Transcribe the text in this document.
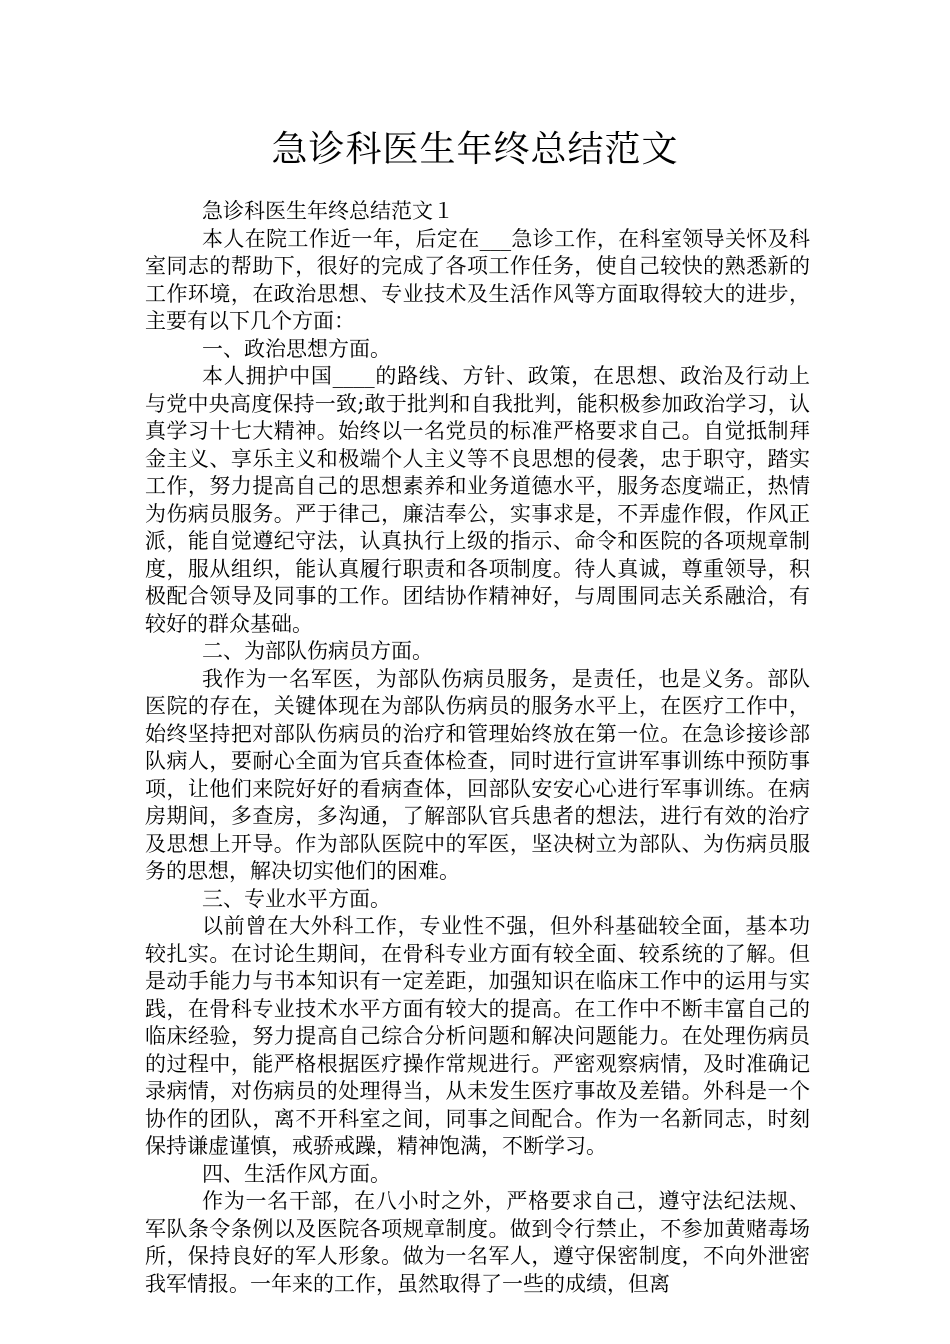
急诊科医生年终总结范文

急诊科医生年终总结范文１

本人在院工作近一年，后定在___急诊工作，在科室领导关怀及科室同志的帮助下，很好的完成了各项工作任务，使自己较快的熟悉新的工作环境，在政治思想、专业技术及生活作风等方面取得较大的进步，主要有以下几个方面：

一、政治思想方面。

本人拥护中国____的路线、方针、政策，在思想、政治及行动上与党中央高度保持一致;敢于批判和自我批判，能积极参加政治学习，认真学习十七大精神。始终以一名党员的标准严格要求自己。自觉抵制拜金主义、享乐主义和极端个人主义等不良思想的侵袭，忠于职守，踏实工作，努力提高自己的思想素养和业务道德水平，服务态度端正，热情为伤病员服务。严于律己，廉洁奉公，实事求是，不弄虚作假，作风正派，能自觉遵纪守法，认真执行上级的指示、命令和医院的各项规章制度，服从组织，能认真履行职责和各项制度。待人真诚，尊重领导，积极配合领导及同事的工作。团结协作精神好，与周围同志关系融洽，有较好的群众基础。

二、为部队伤病员方面。

我作为一名军医，为部队伤病员服务，是责任，也是义务。部队医院的存在，关键体现在为部队伤病员的服务水平上，在医疗工作中，始终坚持把对部队伤病员的治疗和管理始终放在第一位。在急诊接诊部队病人，要耐心全面为官兵查体检查，同时进行宣讲军事训练中预防事项，让他们来院好好的看病查体，回部队安安心心进行军事训练。在病房期间，多查房，多沟通，了解部队官兵患者的想法，进行有效的治疗及思想上开导。作为部队医院中的军医，坚决树立为部队、为伤病员服务的思想，解决切实他们的困难。

三、专业水平方面。

以前曾在大外科工作，专业性不强，但外科基础较全面，基本功较扎实。在讨论生期间，在骨科专业方面有较全面、较系统的了解。但是动手能力与书本知识有一定差距，加强知识在临床工作中的运用与实践，在骨科专业技术水平方面有较大的提高。在工作中不断丰富自己的临床经验，努力提高自己综合分析问题和解决问题能力。在处理伤病员的过程中，能严格根据医疗操作常规进行。严密观察病情，及时准确记录病情，对伤病员的处理得当，从未发生医疗事故及差错。外科是一个协作的团队，离不开科室之间，同事之间配合。作为一名新同志，时刻保持谦虚谨慎，戒骄戒躁，精神饱满，不断学习。

四、生活作风方面。

作为一名干部，在八小时之外，严格要求自己，遵守法纪法规、军队条令条例以及医院各项规章制度。做到令行禁止，不参加黄赌毒场所，保持良好的军人形象。做为一名军人，遵守保密制度，不向外泄密我军情报。一年来的工作，虽然取得了一些的成绩，但离
